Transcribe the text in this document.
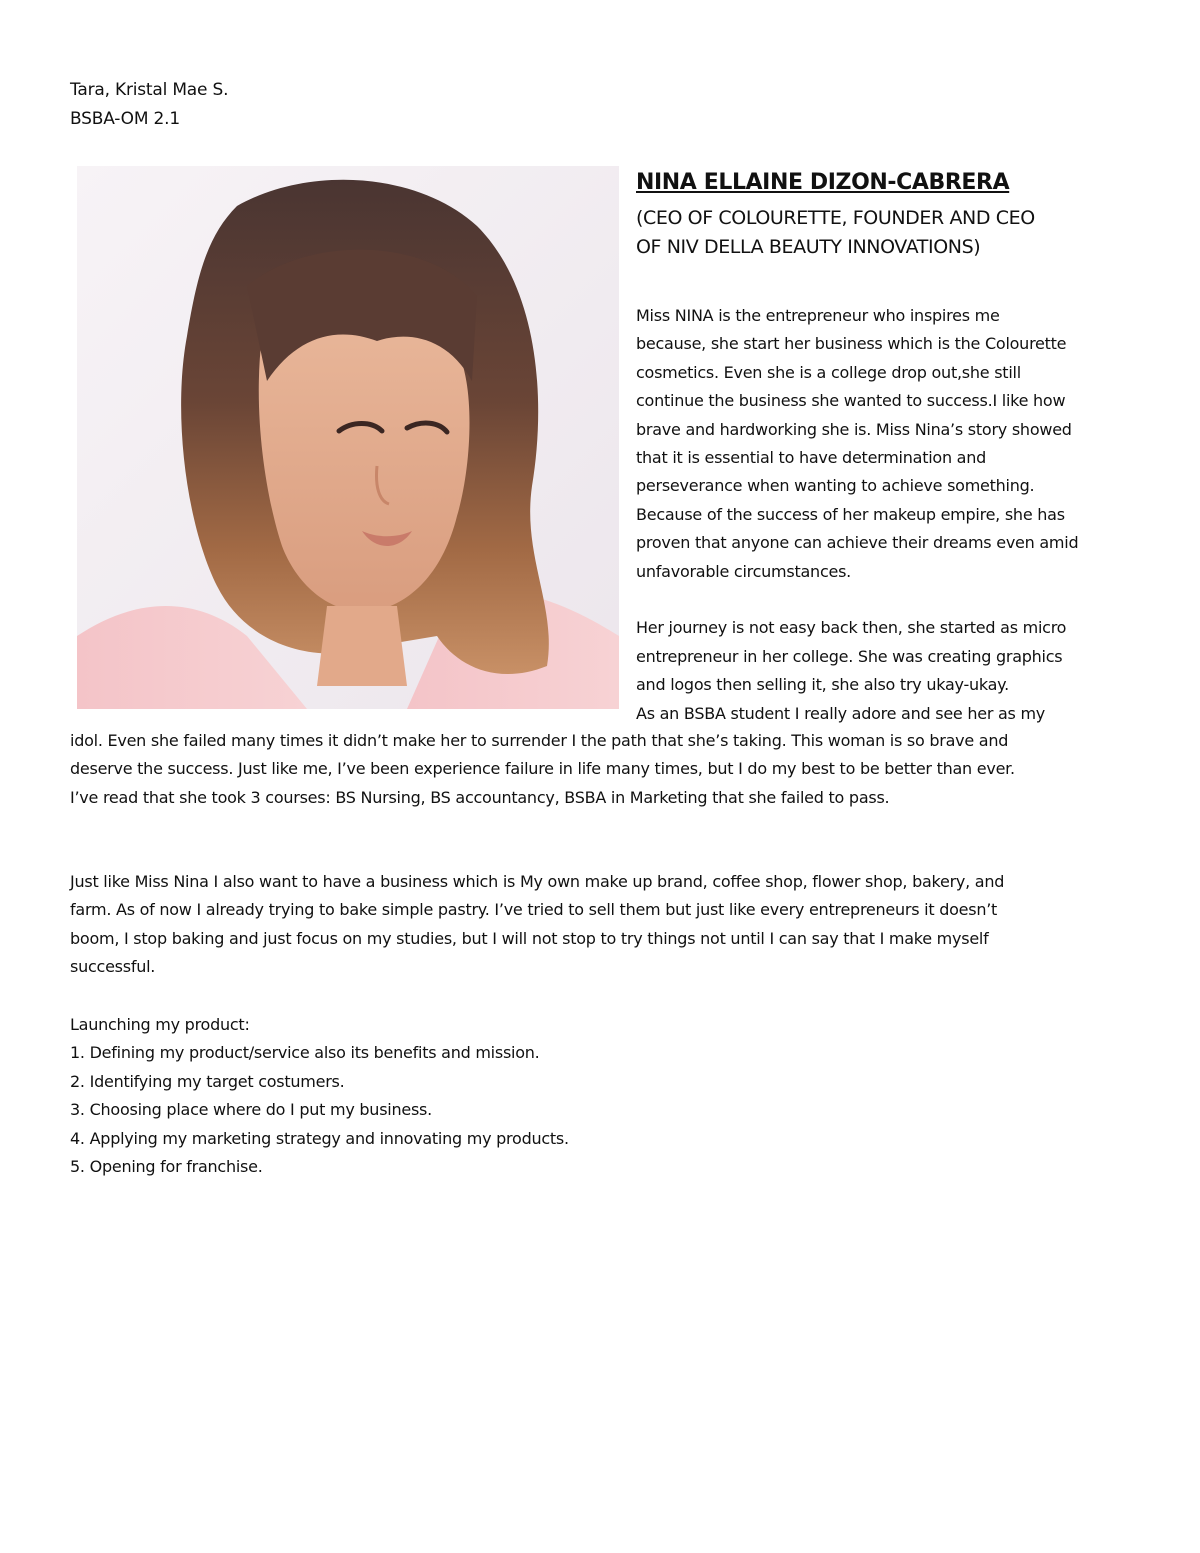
Tara, Kristal Mae S.
BSBA-OM 2.1
NINA ELLAINE DIZON-CABRERA
(CEO OF COLOURETTE, FOUNDER AND CEO
OF NIV DELLA BEAUTY INNOVATIONS)
Miss NINA is the entrepreneur who inspires me
because, she start her business which is the Colourette
cosmetics. Even she is a college drop out,she still
continue the business she wanted to success.I like how
brave and hardworking she is. Miss Nina’s story showed
that it is essential to have determination and
perseverance when wanting to achieve something.
Because of the success of her makeup empire, she has
proven that anyone can achieve their dreams even amid
unfavorable circumstances.
Her journey is not easy back then, she started as micro
entrepreneur in her college. She was creating graphics
and logos then selling it, she also try ukay-ukay.
As an BSBA student I really adore and see her as my
idol. Even she failed many times it didn’t make her to surrender I the path that she’s taking. This woman is so brave and
deserve the success. Just like me, I’ve been experience failure in life many times, but I do my best to be better than ever.
I’ve read that she took 3 courses: BS Nursing, BS accountancy, BSBA in Marketing that she failed to pass.
Just like Miss Nina I also want to have a business which is My own make up brand, coffee shop, flower shop, bakery, and
farm. As of now I already trying to bake simple pastry. I’ve tried to sell them but just like every entrepreneurs it doesn’t
boom, I stop baking and just focus on my studies, but I will not stop to try things not until I can say that I make myself
successful.
Launching my product:
1. Defining my product/service also its benefits and mission.
2. Identifying my target costumers.
3. Choosing place where do I put my business.
4. Applying my marketing strategy and innovating my products.
5. Opening for franchise.
